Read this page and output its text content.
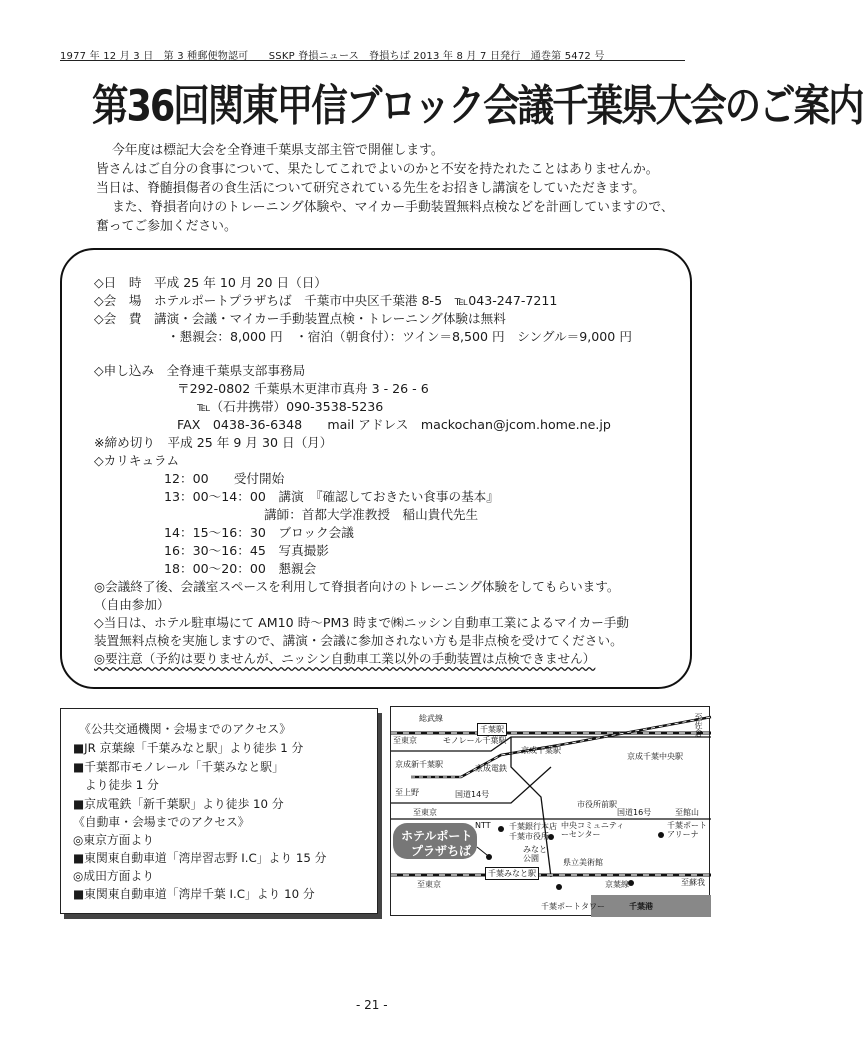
1977 年 12 月 3 日　第 3 種郵便物認可　　SSKP 脊損ニュース　脊損ちば 2013 年 8 月 7 日発行　通巻第 5472 号
第36回関東甲信ブロック会議千葉県大会のご案内
今年度は標記大会を全脊連千葉県支部主管で開催します。
皆さんはご自分の食事について、果たしてこれでよいのかと不安を持たれたことはありませんか。
当日は、脊髄損傷者の食生活について研究されている先生をお招きし講演をしていただきます。
また、脊損者向けのトレーニング体験や、マイカー手動装置無料点検などを計画していますので、
奮ってご参加ください。
◇日　時　平成 25 年 10 月 20 日（日）
◇会　場　ホテルポートプラザちば　千葉市中央区千葉港 8-5　℡043-247-7211
◇会　費　講演・会議・マイカー手動装置点検・トレーニング体験は無料
・懇親会：8,000 円　・宿泊（朝食付）：ツイン＝8,500 円　シングル＝9,000 円
◇申し込み　全脊連千葉県支部事務局
〒292-0802 千葉県木更津市真舟 3 - 26 - 6
℡（石井携帯）090-3538-5236
FAX　0438-36-6348　　mail アドレス　mackochan@jcom.home.ne.jp
※締め切り　平成 25 年 9 月 30 日（月）
◇カリキュラム
12：00　　受付開始
13：00～14：00　講演　『確認しておきたい食事の基本』
講師：首都大学准教授　稲山貴代先生
14：15～16：30　ブロック会議
16：30～16：45　写真撮影
18：00～20：00　懇親会
◎会議終了後、会議室スペースを利用して脊損者向けのトレーニング体験をしてもらいます。
（自由参加）
◇当日は、ホテル駐車場にて AM10 時～PM3 時まで㈱ニッシン自動車工業によるマイカー手動
装置無料点検を実施しますので、講演・会議に参加されない方も是非点検を受けてください。
◎要注意（予約は要りませんが、ニッシン自動車工業以外の手動装置は点検できません）
《公共交通機関・会場までのアクセス》
■JR 京葉線「千葉みなと駅」より徒歩 1 分
■千葉都市モノレール「千葉みなと駅」
　より徒歩 1 分
■京成電鉄「新千葉駅」より徒歩 10 分
《自動車・会場までのアクセス》
◎東京方面より
■東関東自動車道「湾岸習志野 I.C」より 15 分
◎成田方面より
■東関東自動車道「湾岸千葉 I.C」より 10 分
総武線
千葉駅
至東京	モノレール千葉駅
至佐倉
京成千葉駅
京成新千葉駅	京成電鉄
京成千葉中央駅
国道14号
至上野
至東京
市役所前駅
国道16号	至館山
NTT 千葉銀行本店
千葉市役所
中央コミュニティーセンター
千葉ポートアリーナ
ホテルポート
プラザちば	みなと公園	県立美術館
千葉みなと駅
至東京	京葉線	至蘇我
千葉ポートタワー	千葉港
- 21 -
